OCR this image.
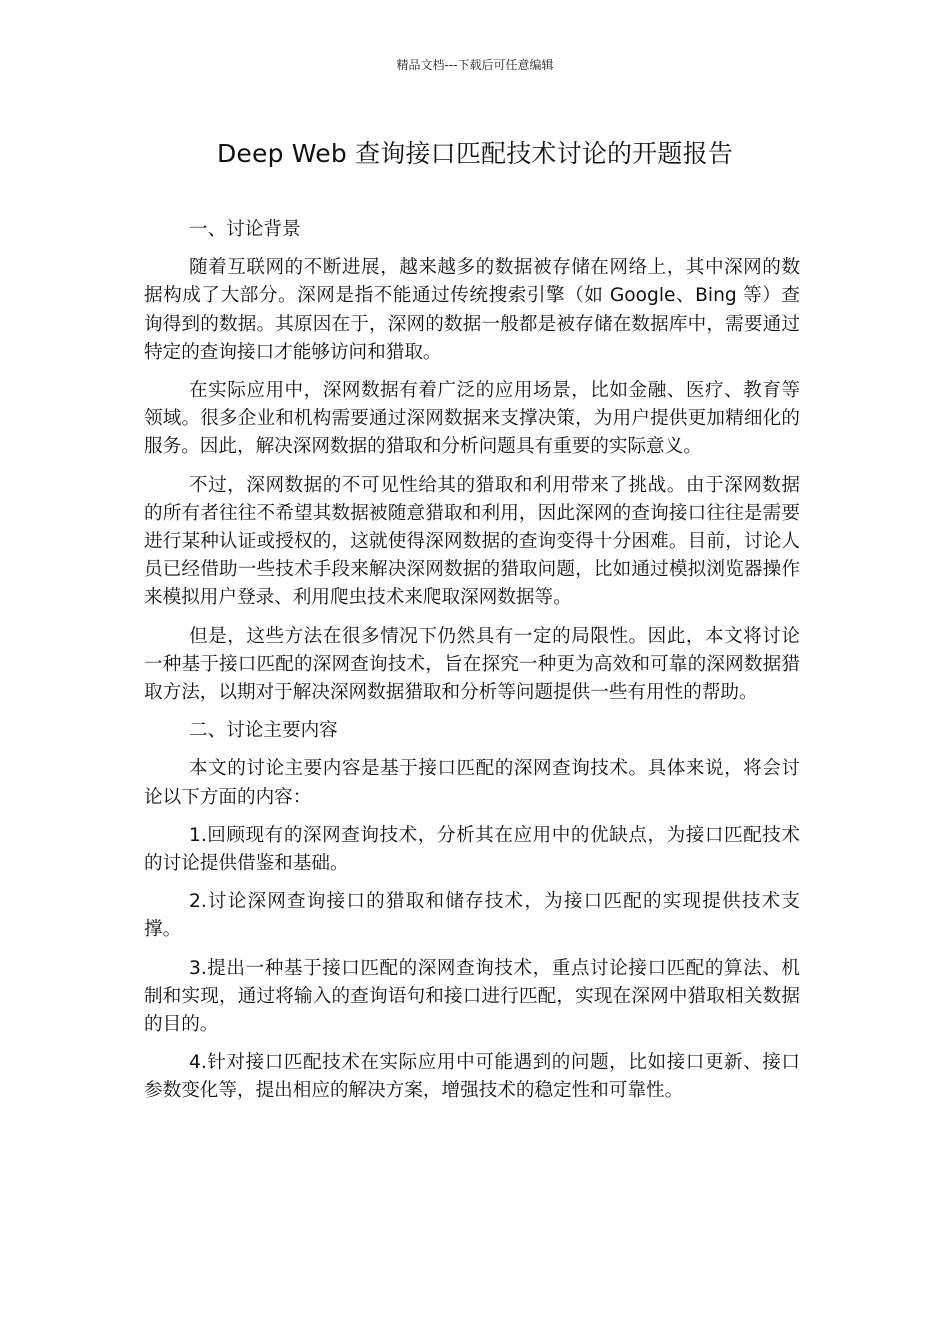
精品文档---下载后可任意编辑
Deep Web 查询接口匹配技术讨论的开题报告

一、讨论背景

随着互联网的不断进展，越来越多的数据被存储在网络上，其中深网的数据构成了大部分。深网是指不能通过传统搜索引擎（如 Google、Bing 等）查询得到的数据。其原因在于，深网的数据一般都是被存储在数据库中，需要通过特定的查询接口才能够访问和猎取。

在实际应用中，深网数据有着广泛的应用场景，比如金融、医疗、教育等领域。很多企业和机构需要通过深网数据来支撑决策，为用户提供更加精细化的服务。因此，解决深网数据的猎取和分析问题具有重要的实际意义。

不过，深网数据的不可见性给其的猎取和利用带来了挑战。由于深网数据的所有者往往不希望其数据被随意猎取和利用，因此深网的查询接口往往是需要进行某种认证或授权的，这就使得深网数据的查询变得十分困难。目前，讨论人员已经借助一些技术手段来解决深网数据的猎取问题，比如通过模拟浏览器操作来模拟用户登录、利用爬虫技术来爬取深网数据等。

但是，这些方法在很多情况下仍然具有一定的局限性。因此，本文将讨论一种基于接口匹配的深网查询技术，旨在探究一种更为高效和可靠的深网数据猎取方法，以期对于解决深网数据猎取和分析等问题提供一些有用性的帮助。

二、讨论主要内容

本文的讨论主要内容是基于接口匹配的深网查询技术。具体来说，将会讨论以下方面的内容：

1.回顾现有的深网查询技术，分析其在应用中的优缺点，为接口匹配技术的讨论提供借鉴和基础。

2.讨论深网查询接口的猎取和储存技术，为接口匹配的实现提供技术支撑。

3.提出一种基于接口匹配的深网查询技术，重点讨论接口匹配的算法、机制和实现，通过将输入的查询语句和接口进行匹配，实现在深网中猎取相关数据的目的。

4.针对接口匹配技术在实际应用中可能遇到的问题，比如接口更新、接口参数变化等，提出相应的解决方案，增强技术的稳定性和可靠性。
